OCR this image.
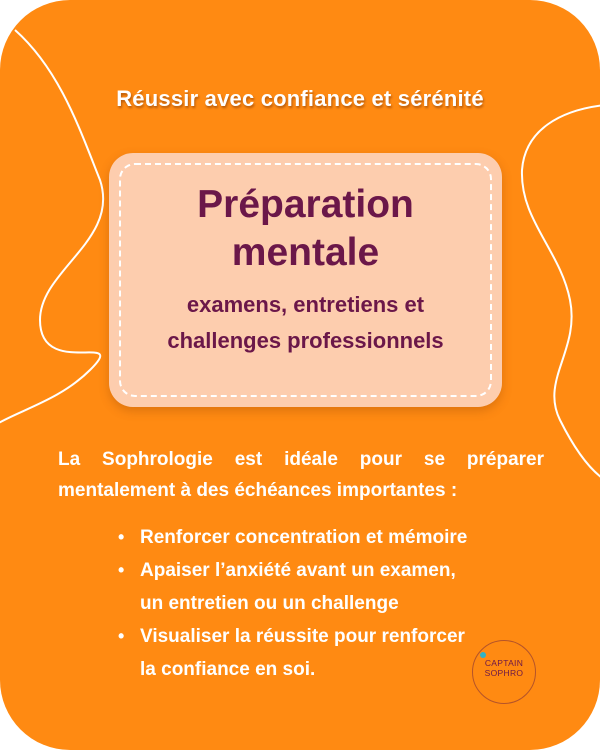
Réussir avec confiance et sérénité
Préparation
mentale
examens, entretiens et
challenges professionnels
La Sophrologie est idéale pour se préparer mentalement à des échéances importantes :
• Renforcer concentration et mémoire
• Apaiser l’anxiété avant un examen,
un entretien ou un challenge
• Visualiser la réussite pour renforcer
la confiance en soi.	CAPTAIN
SOPHRO
